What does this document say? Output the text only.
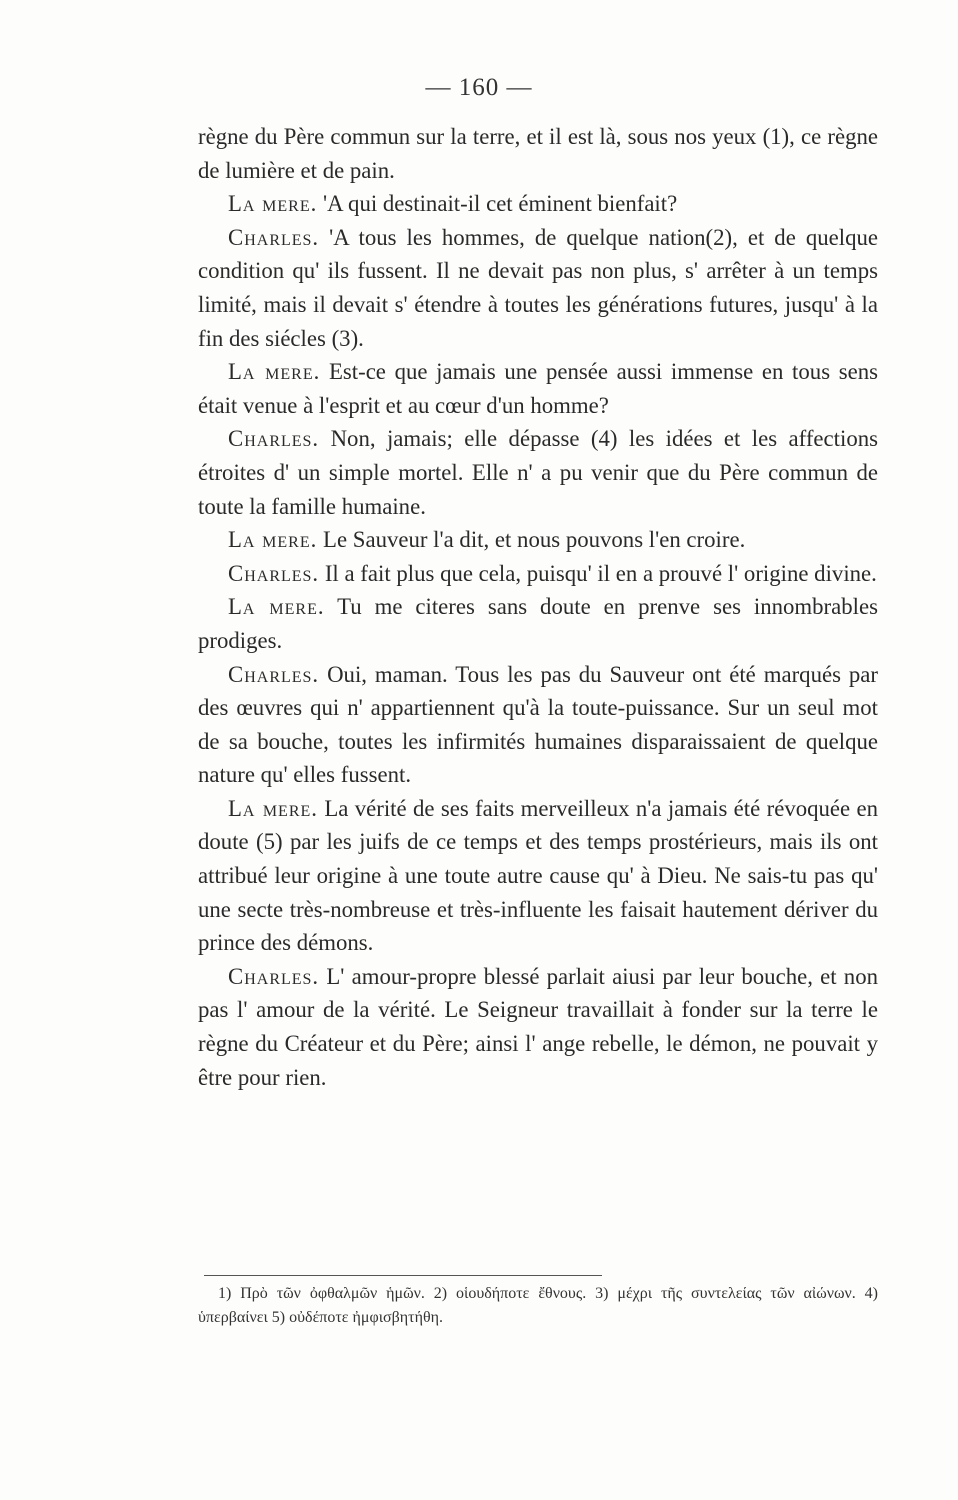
— 160 —

règne du Père commun sur la terre, et il est là, sous nos yeux (1), ce règne de lumière et de pain.

La mere. 'A qui destinait-il cet éminent bienfait?

Charles. 'A tous les hommes, de quelque nation(2), et de quelque condition qu' ils fussent. Il ne devait pas non plus, s' arrêter à un temps limité, mais il devait s' étendre à toutes les générations futures, jusqu' à la fin des siécles (3).

La mere. Est-ce que jamais une pensée aussi immense en tous sens était venue à l'esprit et au cœur d'un homme?

Charles. Non, jamais; elle dépasse (4) les idées et les affections étroites d' un simple mortel. Elle n' a pu venir que du Père commun de toute la famille humaine.

La mere. Le Sauveur l'a dit, et nous pouvons l'en croire.

Charles. Il a fait plus que cela, puisqu' il en a prouvé l' origine divine.

La mere. Tu me citeres sans doute en prenve ses innombrables prodiges.

Charles. Oui, maman. Tous les pas du Sauveur ont été marqués par des œuvres qui n' appartiennent qu'à la toute-puissance. Sur un seul mot de sa bouche, toutes les infirmités humaines disparaissaient de quelque nature qu' elles fussent.

La mere. La vérité de ses faits merveilleux n'a jamais été révoquée en doute (5) par les juifs de ce temps et des temps prostérieurs, mais ils ont attribué leur origine à une toute autre cause qu' à Dieu. Ne sais-tu pas qu' une secte très-nombreuse et très-influente les faisait hautement dériver du prince des démons.

Charles. L' amour-propre blessé parlait aiusi par leur bouche, et non pas l' amour de la vérité. Le Seigneur travaillait à fonder sur la terre le règne du Créateur et du Père; ainsi l' ange rebelle, le démon, ne pouvait y être pour rien.

1) Πρὸ τῶν ὀφθαλμῶν ἡμῶν. 2) οἱουδήποτε ἔθνους. 3) μέχρι τῆς συντελείας τῶν αἰώνων. 4) ὑπερβαίνει 5) οὐδέποτε ἠμφισβητήθη.
